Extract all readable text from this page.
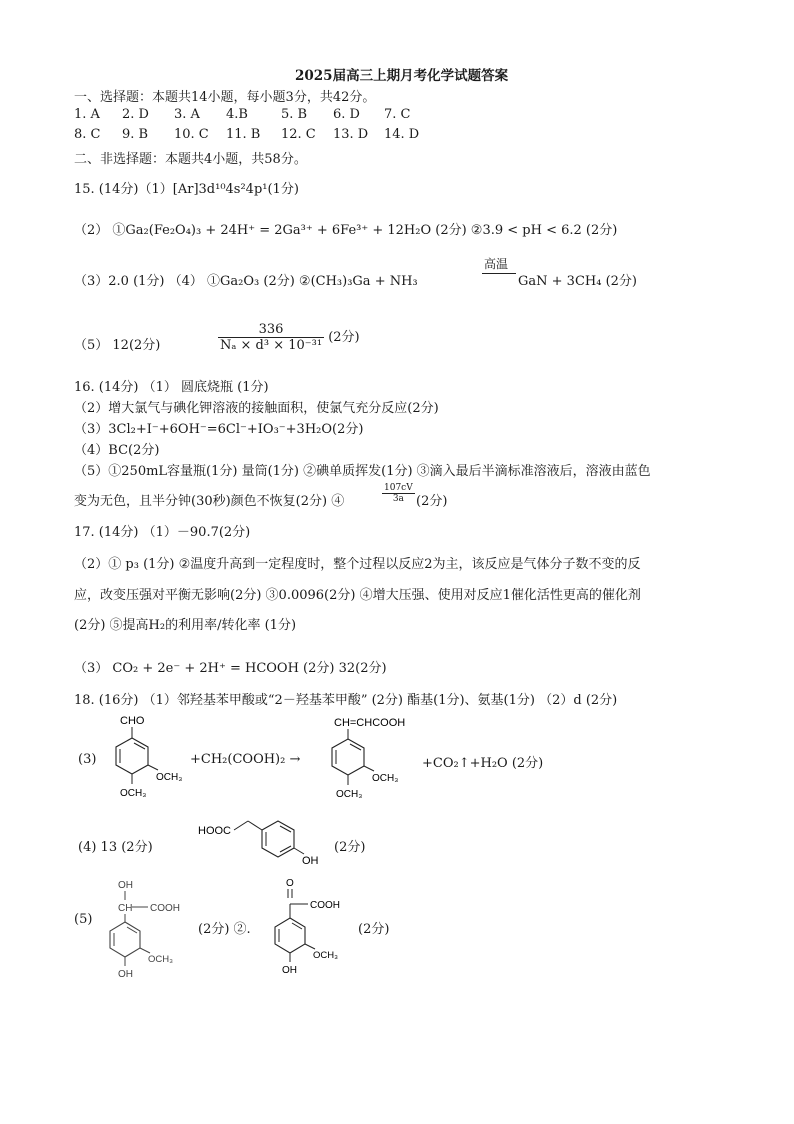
2025届高三上期月考化学试题答案
一、选择题：本题共14小题，每小题3分，共42分。
1. A 2. D 3. A 4.B	5. B 6. D 7. C
8. C 9. B 10. C 11. B 12. C 13. D 14. D
二、非选择题：本题共4小题，共58分。
15. (14分)（1）[Ar]3d¹⁰4s²4p¹(1分)
（2） ①Ga₂(Fe₂O₄)₃ + 24H⁺ = 2Ga³⁺ + 6Fe³⁺ + 12H₂O (2分) ②3.9 < pH < 6.2 (2分)
（3）2.0 (1分) （4） ①Ga₂O₃ (2分) ②(CH₃)₃Ga + NH₃
高温
GaN + 3CH₄ (2分)
（5） 12(2分)	$\frac{336}{\text{Nₐ × d³ × 10⁻³¹}} (2$分)
16. (14分) （1） 圆底烧瓶 (1分)
（2）增大氯气与碘化钾溶液的接触面积，使氯气充分反应(2分)
（3）3Cl₂+I⁻+6OH⁻=6Cl⁻+IO₃⁻+3H₂O(2分)
（4）BC(2分)
（5）①250mL容量瓶(1分) 量筒(1分) ②碘单质挥发(1分) ③滴入最后半滴标准溶液后，溶液由蓝色
变为无色，且半分钟(30秒)颜色不恢复(2分) ④	$\frac{107cV}{3a} (2$分)
17. (14分) （1）－90.7(2分)
（2）① p₃ (1分) ②温度升高到一定程度时，整个过程以反应2为主，该反应是气体分子数不变的反
应，改变压强对平衡无影响(2分) ③0.0096(2分) ④增大压强、使用对反应1催化活性更高的催化剂
(2分) ⑤提高H₂的利用率/转化率 (1分)
（3） CO₂ + 2e⁻ + 2H⁺ = HCOOH (2分) 32(2分)
18. (16分) （1）邻羟基苯甲酸或“2－羟基苯甲酸” (2分) 酯基(1分)、氨基(1分) （2）d (2分)
(3)
CHO
OCH₃
OCH₃
+CH₂(COOH)₂ →
CH=CHCOOH
OCH₃
OCH₃
+CO₂↑+H₂O (2分)
(4) 13 (2分)
HOOC
OH
(2分)
(5)
OH
CH COOH
OCH₃
OH
(2分) ②.
O
COOH
OCH₃
OH
(2分)
